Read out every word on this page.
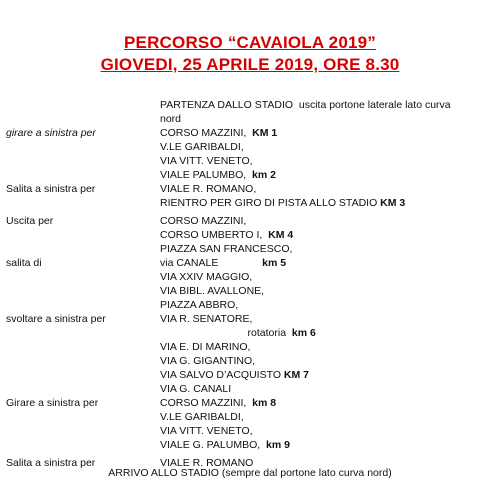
PERCORSO “CAVAIOLA 2019”
GIOVEDI, 25 APRILE 2019, ORE 8.30
PARTENZA DALLO STADIO  uscita portone laterale lato curva
nord
girare a sinistra per	CORSO MAZZINI,  KM 1
V.LE GARIBALDI,
VIA VITT. VENETO,
VIALE PALUMBO,  km 2
Salita a sinistra per	VIALE R. ROMANO,
RIENTRO PER GIRO DI PISTA ALLO STADIO KM 3
Uscita per	CORSO MAZZINI,
CORSO UMBERTO I,  KM 4
PIAZZA SAN FRANCESCO,
salita di	via CANALE               km 5
VIA XXIV MAGGIO,
VIA BIBL. AVALLONE,
PIAZZA ABBRO,
svoltare a sinistra per	VIA R. SENATORE,
rotatoria  km 6
VIA E. DI MARINO,
VIA G. GIGANTINO,
VIA SALVO D’ACQUISTO KM 7
VIA G. CANALI
Girare a sinistra per	CORSO MAZZINI,  km 8
V.LE GARIBALDI,
VIA VITT. VENETO,
VIALE G. PALUMBO,  km 9
Salita a sinistra per	VIALE R. ROMANO
ARRIVO ALLO STADIO (sempre dal portone lato curva nord)
